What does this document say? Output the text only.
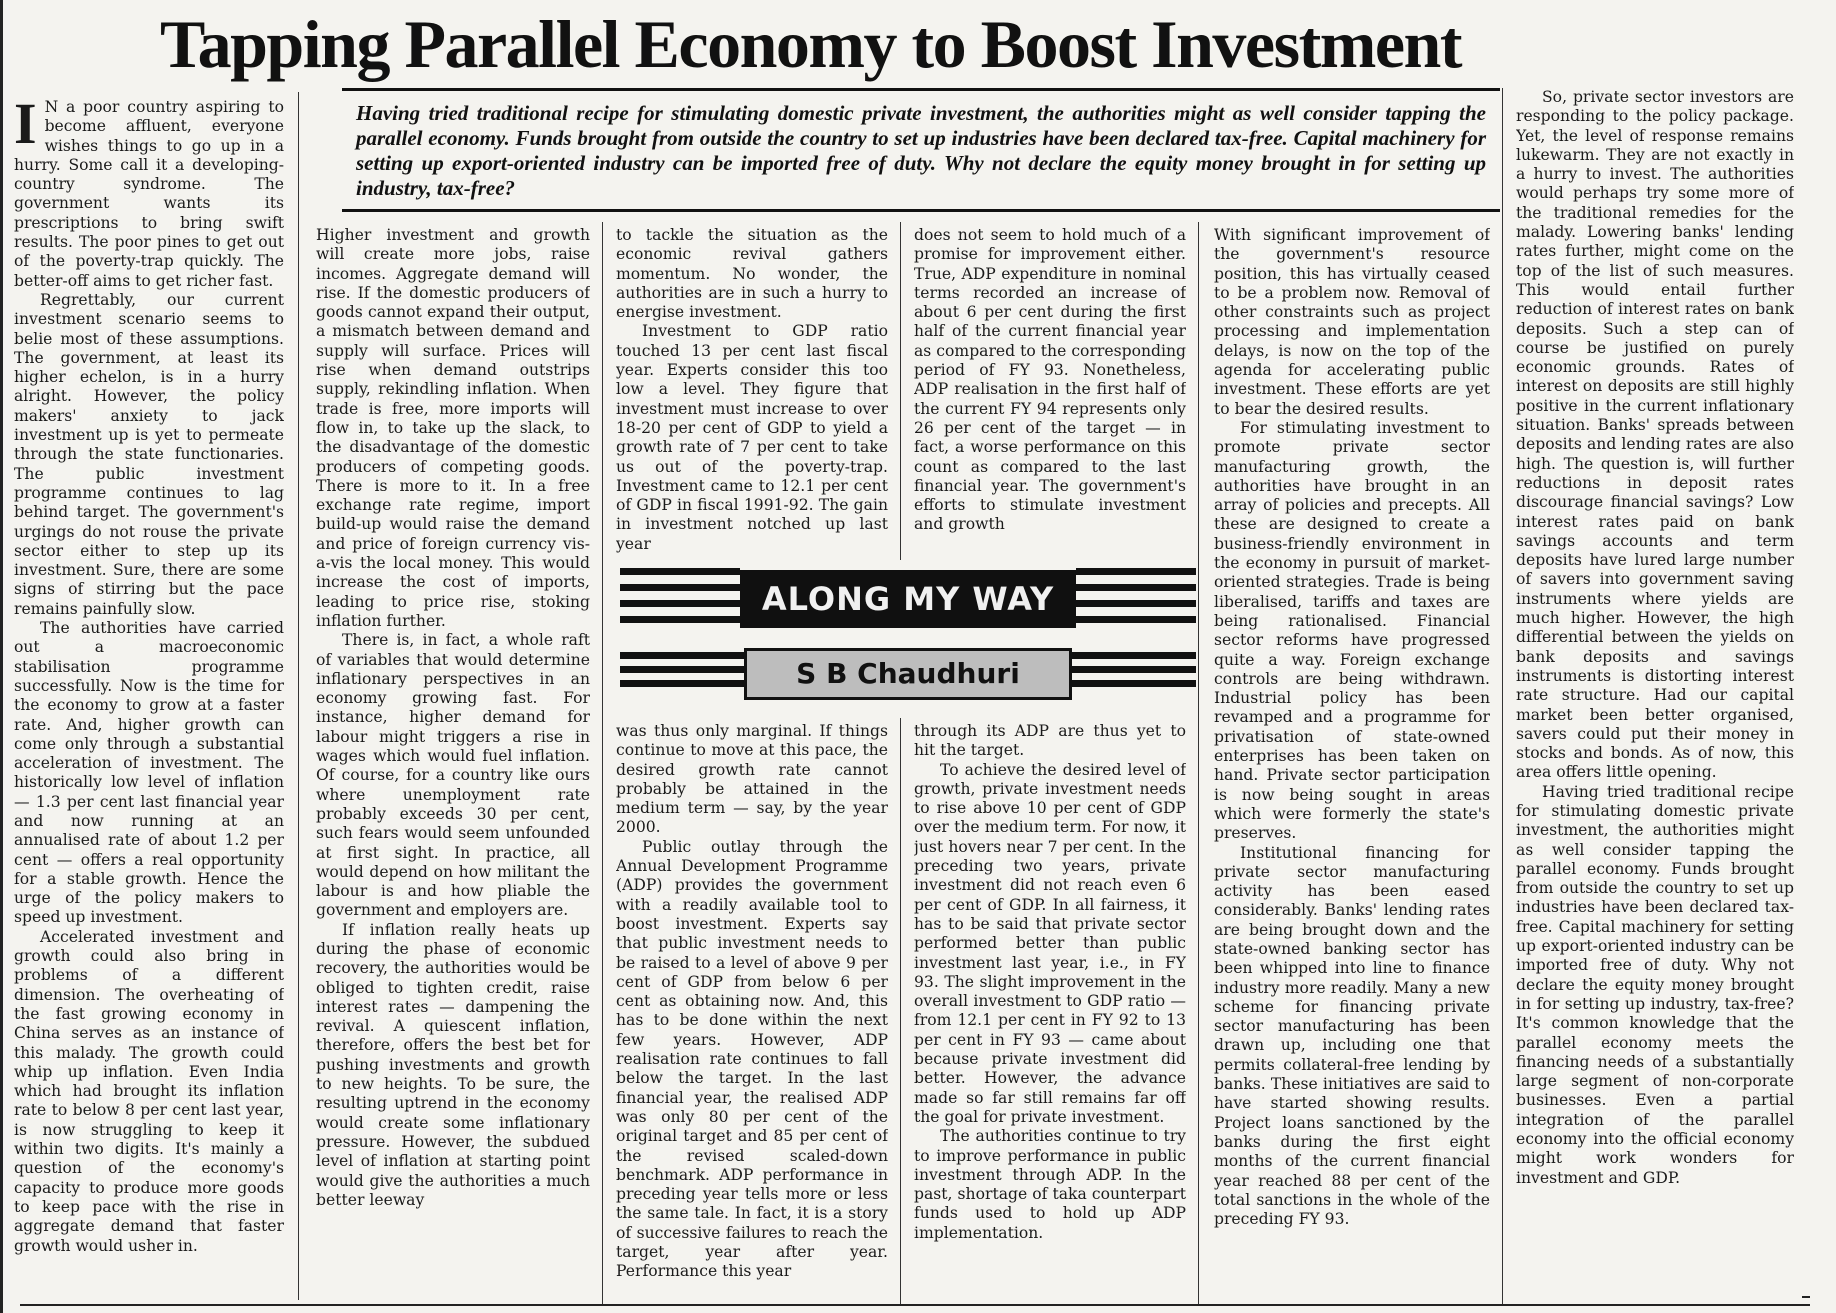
Tapping Parallel Economy to Boost Investment
Having tried traditional recipe for stimulating domestic private investment, the authorities might as well consider tapping the parallel economy. Funds brought from outside the country to set up industries have been declared tax-free. Capital machinery for setting up export-oriented industry can be imported free of duty. Why not declare the equity money brought in for setting up industry, tax-free?

I N a poor country aspiring to become affluent, everyone wishes things to go up in a hurry. Some call it a developing-country syndrome. The government wants its prescriptions to bring swift results. The poor pines to get out of the poverty-trap quickly. The better-off aims to get richer fast.

Regrettably, our current investment scenario seems to belie most of these assumptions. The government, at least its higher echelon, is in a hurry alright. However, the policy makers' anxiety to jack investment up is yet to permeate through the state functionaries. The public investment programme continues to lag behind target. The government's urgings do not rouse the private sector either to step up its investment. Sure, there are some signs of stirring but the pace remains painfully slow.

The authorities have carried out a macroeconomic stabilisation programme successfully. Now is the time for the economy to grow at a faster rate. And, higher growth can come only through a substantial acceleration of investment. The historically low level of inflation — 1.3 per cent last financial year and now running at an annualised rate of about 1.2 per cent — offers a real opportunity for a stable growth. Hence the urge of the policy makers to speed up investment.

Accelerated investment and growth could also bring in problems of a different dimension. The overheating of the fast growing economy in China serves as an instance of this malady. The growth could whip up inflation. Even India which had brought its inflation rate to below 8 per cent last year, is now struggling to keep it within two digits. It's mainly a question of the economy's capacity to produce more goods to keep pace with the rise in aggregate demand that faster growth would usher in.

Higher investment and growth will create more jobs, raise incomes. Aggregate demand will rise. If the domestic producers of goods cannot expand their output, a mismatch between demand and supply will surface. Prices will rise when demand outstrips supply, rekindling inflation. When trade is free, more imports will flow in, to take up the slack, to the disadvantage of the domestic producers of competing goods. There is more to it. In a free exchange rate regime, import build-up would raise the demand and price of foreign currency vis-a-vis the local money. This would increase the cost of imports, leading to price rise, stoking inflation further.

There is, in fact, a whole raft of variables that would determine inflationary perspectives in an economy growing fast. For instance, higher demand for labour might triggers a rise in wages which would fuel inflation. Of course, for a country like ours where unemployment rate probably exceeds 30 per cent, such fears would seem unfounded at first sight. In practice, all would depend on how militant the labour is and how pliable the government and employers are.

If inflation really heats up during the phase of economic recovery, the authorities would be obliged to tighten credit, raise interest rates — dampening the revival. A quiescent inflation, therefore, offers the best bet for pushing investments and growth to new heights. To be sure, the resulting uptrend in the economy would create some inflationary pressure. However, the subdued level of inflation at starting point would give the authorities a much better leeway

to tackle the situation as the economic revival gathers momentum. No wonder, the authorities are in such a hurry to energise investment.

Investment to GDP ratio touched 13 per cent last fiscal year. Experts consider this too low a level. They figure that investment must increase to over 18-20 per cent of GDP to yield a growth rate of 7 per cent to take us out of the poverty-trap. Investment came to 12.1 per cent of GDP in fiscal 1991-92. The gain in investment notched up last year

does not seem to hold much of a promise for improvement either. True, ADP expenditure in nominal terms recorded an increase of about 6 per cent during the first half of the current financial year as compared to the corresponding period of FY 93. Nonetheless, ADP realisation in the first half of the current FY 94 represents only 26 per cent of the target — in fact, a worse performance on this count as compared to the last financial year. The government's efforts to stimulate investment and growth

ALONG MY WAY
S B Chaudhuri

was thus only marginal. If things continue to move at this pace, the desired growth rate cannot probably be attained in the medium term — say, by the year 2000.

Public outlay through the Annual Development Programme (ADP) provides the government with a readily available tool to boost investment. Experts say that public investment needs to be raised to a level of above 9 per cent of GDP from below 6 per cent as obtaining now. And, this has to be done within the next few years. However, ADP realisation rate continues to fall below the target. In the last financial year, the realised ADP was only 80 per cent of the original target and 85 per cent of the revised scaled-down benchmark. ADP performance in preceding year tells more or less the same tale. In fact, it is a story of successive failures to reach the target, year after year. Performance this year

through its ADP are thus yet to hit the target.

To achieve the desired level of growth, private investment needs to rise above 10 per cent of GDP over the medium term. For now, it just hovers near 7 per cent. In the preceding two years, private investment did not reach even 6 per cent of GDP. In all fairness, it has to be said that private sector performed better than public investment last year, i.e., in FY 93. The slight improvement in the overall investment to GDP ratio — from 12.1 per cent in FY 92 to 13 per cent in FY 93 — came about because private investment did better. However, the advance made so far still remains far off the goal for private investment.

The authorities continue to try to improve performance in public investment through ADP. In the past, shortage of taka counterpart funds used to hold up ADP implementation.

With significant improvement of the government's resource position, this has virtually ceased to be a problem now. Removal of other constraints such as project processing and implementation delays, is now on the top of the agenda for accelerating public investment. These efforts are yet to bear the desired results.

For stimulating investment to promote private sector manufacturing growth, the authorities have brought in an array of policies and precepts. All these are designed to create a business-friendly environment in the economy in pursuit of market-oriented strategies. Trade is being liberalised, tariffs and taxes are being rationalised. Financial sector reforms have progressed quite a way. Foreign exchange controls are being withdrawn. Industrial policy has been revamped and a programme for privatisation of state-owned enterprises has been taken on hand. Private sector participation is now being sought in areas which were formerly the state's preserves.

Institutional financing for private sector manufacturing activity has been eased considerably. Banks' lending rates are being brought down and the state-owned banking sector has been whipped into line to finance industry more readily. Many a new scheme for financing private sector manufacturing has been drawn up, including one that permits collateral-free lending by banks. These initiatives are said to have started showing results. Project loans sanctioned by the banks during the first eight months of the current financial year reached 88 per cent of the total sanctions in the whole of the preceding FY 93.

So, private sector investors are responding to the policy package. Yet, the level of response remains lukewarm. They are not exactly in a hurry to invest. The authorities would perhaps try some more of the traditional remedies for the malady. Lowering banks' lending rates further, might come on the top of the list of such measures. This would entail further reduction of interest rates on bank deposits. Such a step can of course be justified on purely economic grounds. Rates of interest on deposits are still highly positive in the current inflationary situation. Banks' spreads between deposits and lending rates are also high. The question is, will further reductions in deposit rates discourage financial savings? Low interest rates paid on bank savings accounts and term deposits have lured large number of savers into government saving instruments where yields are much higher. However, the high differential between the yields on bank deposits and savings instruments is distorting interest rate structure. Had our capital market been better organised, savers could put their money in stocks and bonds. As of now, this area offers little opening.

Having tried traditional recipe for stimulating domestic private investment, the authorities might as well consider tapping the parallel economy. Funds brought from outside the country to set up industries have been declared tax-free. Capital machinery for setting up export-oriented industry can be imported free of duty. Why not declare the equity money brought in for setting up industry, tax-free? It's common knowledge that the parallel economy meets the financing needs of a substantially large segment of non-corporate businesses. Even a partial integration of the parallel economy into the official economy might work wonders for investment and GDP.
